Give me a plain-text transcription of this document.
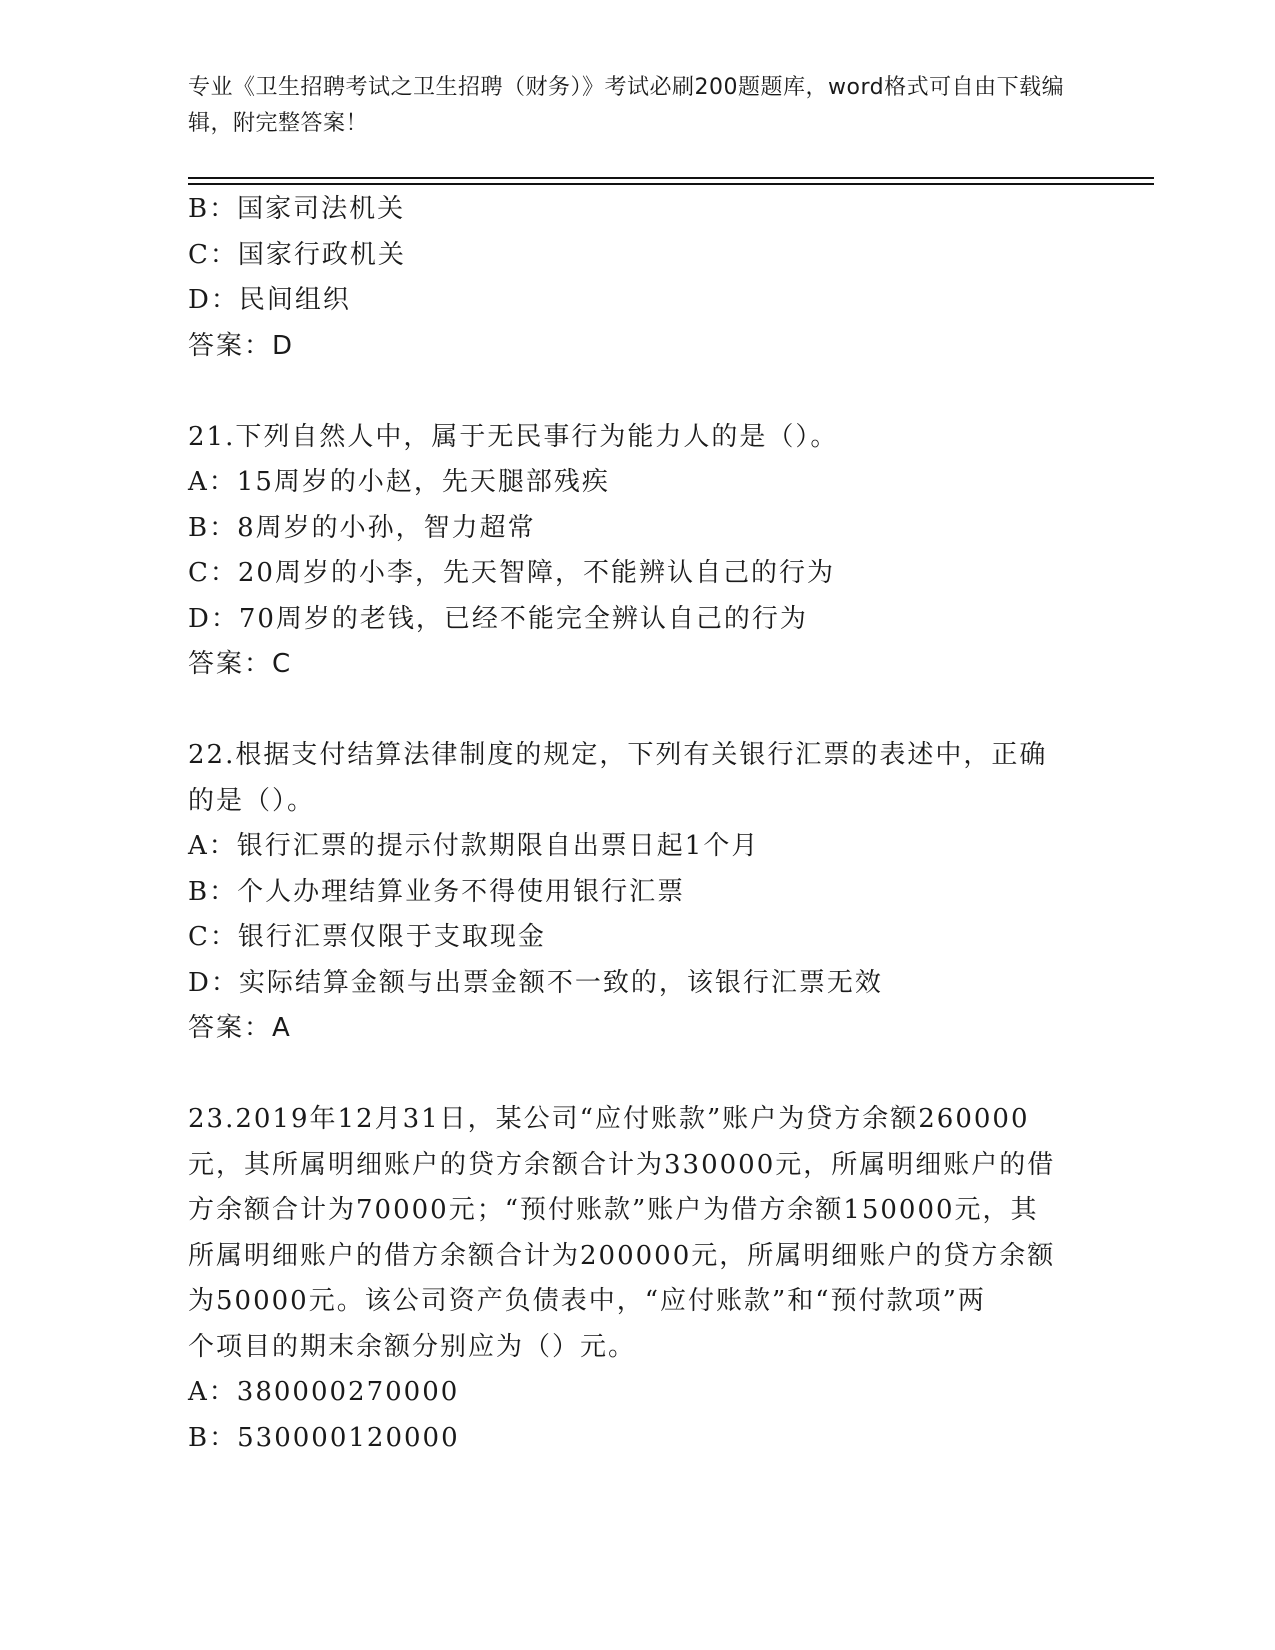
专业《卫生招聘考试之卫生招聘（财务）》考试必刷200题题库，word格式可自由下载编辑，附完整答案！

B：国家司法机关

C：国家行政机关

D：民间组织

答案：D

21.下列自然人中，属于无民事行为能力人的是（）。

A：15周岁的小赵，先天腿部残疾

B：8周岁的小孙，智力超常

C：20周岁的小李，先天智障，不能辨认自己的行为

D：70周岁的老钱，已经不能完全辨认自己的行为

答案：C

22.根据支付结算法律制度的规定，下列有关银行汇票的表述中，正确

的是（）。

A：银行汇票的提示付款期限自出票日起1个月

B：个人办理结算业务不得使用银行汇票

C：银行汇票仅限于支取现金

D：实际结算金额与出票金额不一致的，该银行汇票无效

答案：A

23.2019年12月31日，某公司“应付账款”账户为贷方余额260000

元，其所属明细账户的贷方余额合计为330000元，所属明细账户的借

方余额合计为70000元；“预付账款”账户为借方余额150000元，其

所属明细账户的借方余额合计为200000元，所属明细账户的贷方余额

为50000元。该公司资产负债表中，“应付账款”和“预付款项”两

个项目的期末余额分别应为（）元。

A：380000270000

B：530000120000
